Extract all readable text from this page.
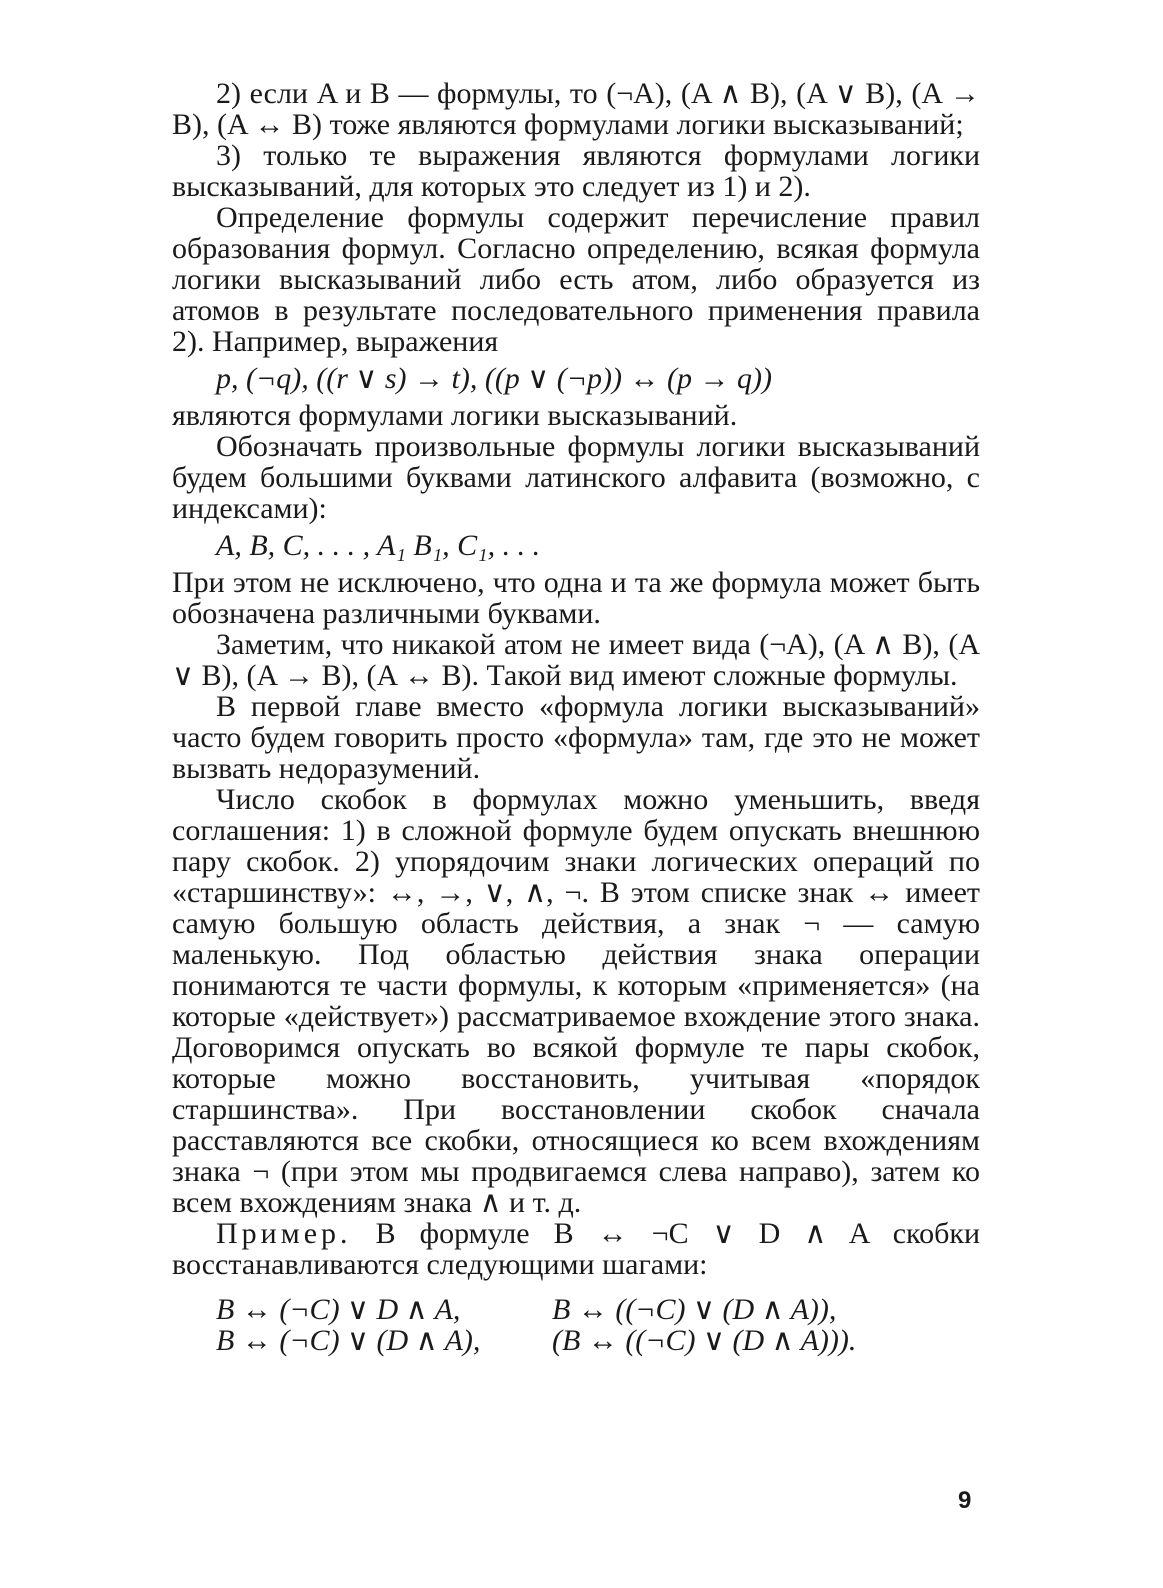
2) если A и B — формулы, то (¬A), (A ∧ B), (A ∨ B), (A → B), (A ↔ B) тоже являются формулами логики высказываний;

3) только те выражения являются формулами логики высказываний, для которых это следует из 1) и 2).

Определение формулы содержит перечисление правил образования формул. Согласно определению, всякая формула логики высказываний либо есть атом, либо образуется из атомов в результате последовательного применения правила 2). Например, выражения

p, (¬q), ((r ∨ s) → t), ((p ∨ (¬p)) ↔ (p → q))

являются формулами логики высказываний.

Обозначать произвольные формулы логики высказываний будем большими буквами латинского алфавита (возможно, с индексами):

A, B, C, . . . , A₁ B₁, C₁, . . .

При этом не исключено, что одна и та же формула может быть обозначена различными буквами.

Заметим, что никакой атом не имеет вида (¬A), (A ∧ B), (A ∨ B), (A → B), (A ↔ B). Такой вид имеют сложные формулы.

В первой главе вместо «формула логики высказываний» часто будем говорить просто «формула» там, где это не может вызвать недоразумений.

Число скобок в формулах можно уменьшить, введя соглашения: 1) в сложной формуле будем опускать внешнюю пару скобок. 2) упорядочим знаки логических операций по «старшинству»: ↔, →, ∨, ∧, ¬. В этом списке знак ↔ имеет самую большую область действия, а знак ¬ — самую маленькую. Под областью действия знака операции понимаются те части формулы, к которым «применяется» (на которые «действует») рассматриваемое вхождение этого знака. Договоримся опускать во всякой формуле те пары скобок, которые можно восстановить, учитывая «порядок старшинства». При восстановлении скобок сначала расставляются все скобки, относящиеся ко всем вхождениям знака ¬ (при этом мы продвигаемся слева направо), затем ко всем вхождениям знака ∧ и т. д.

Пример. В формуле B ↔ ¬C ∨ D ∧ A скобки восстанавливаются следующими шагами:

B ↔ (¬C) ∨ D ∧ A,	B ↔ ((¬C) ∨ (D ∧ A)),
B ↔ (¬C) ∨ (D ∧ A),	(B ↔ ((¬C) ∨ (D ∧ A))).
9
